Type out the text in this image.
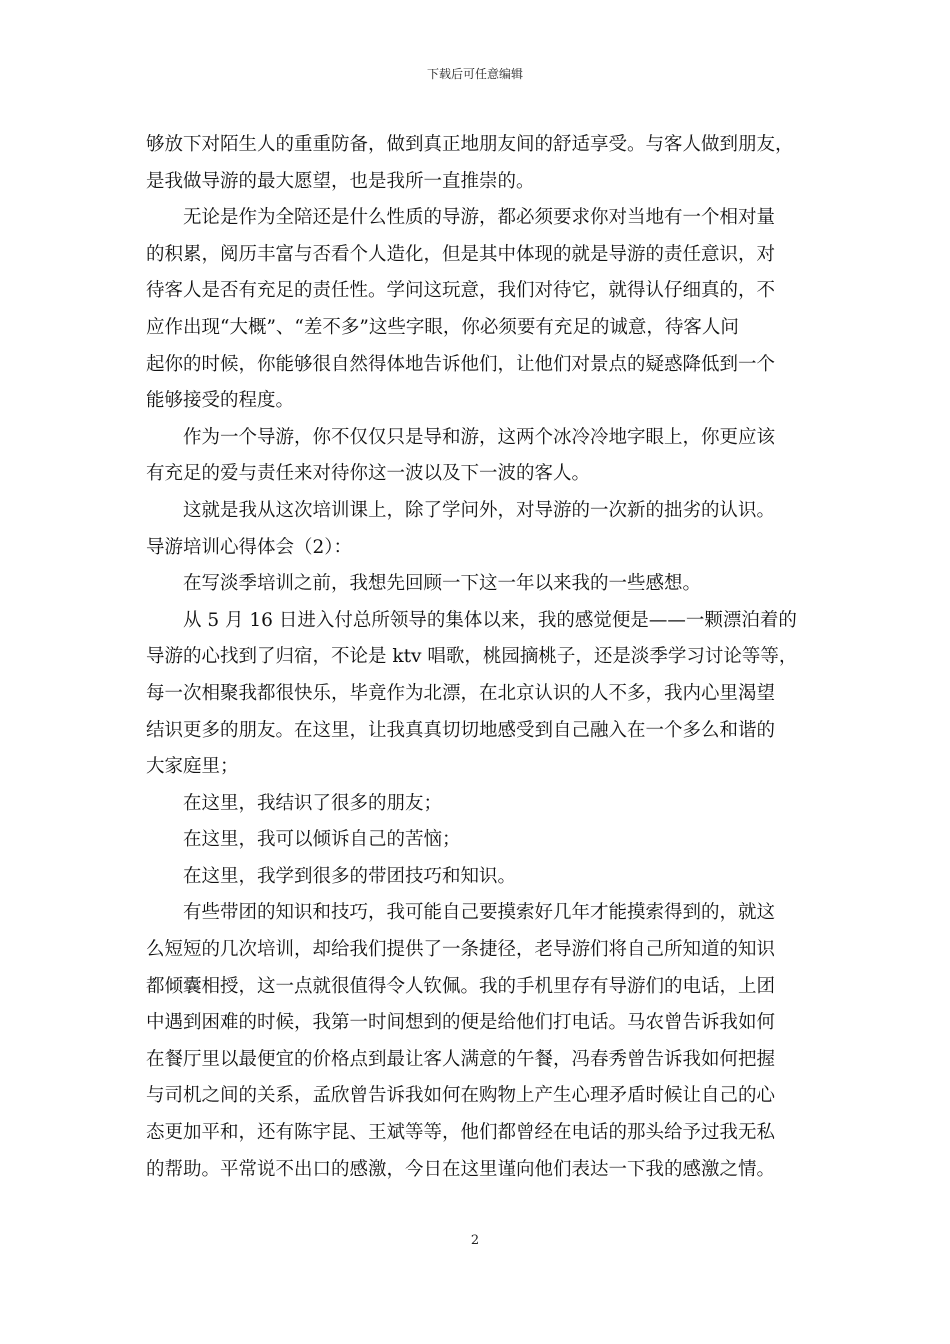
下载后可任意编辑
够放下对陌生人的重重防备，做到真正地朋友间的舒适享受。与客人做到朋友，
是我做导游的最大愿望，也是我所一直推崇的。
无论是作为全陪还是什么性质的导游，都必须要求你对当地有一个相对量
的积累，阅历丰富与否看个人造化，但是其中体现的就是导游的责任意识，对
待客人是否有充足的责任性。学问这玩意，我们对待它，就得认仔细真的，不
应作出现“大概”、“差不多”这些字眼，你必须要有充足的诚意，待客人问
起你的时候，你能够很自然得体地告诉他们，让他们对景点的疑惑降低到一个
能够接受的程度。
作为一个导游，你不仅仅只是导和游，这两个冰冷冷地字眼上，你更应该
有充足的爱与责任来对待你这一波以及下一波的客人。
这就是我从这次培训课上，除了学问外，对导游的一次新的拙劣的认识。
导游培训心得体会（2）：
在写淡季培训之前，我想先回顾一下这一年以来我的一些感想。
从 5 月 16 日进入付总所领导的集体以来，我的感觉便是——一颗漂泊着的
导游的心找到了归宿，不论是 ktv 唱歌，桃园摘桃子，还是淡季学习讨论等等，
每一次相聚我都很快乐，毕竟作为北漂，在北京认识的人不多，我内心里渴望
结识更多的朋友。在这里，让我真真切切地感受到自己融入在一个多么和谐的
大家庭里；
在这里，我结识了很多的朋友；
在这里，我可以倾诉自己的苦恼；
在这里，我学到很多的带团技巧和知识。
有些带团的知识和技巧，我可能自己要摸索好几年才能摸索得到的，就这
么短短的几次培训，却给我们提供了一条捷径，老导游们将自己所知道的知识
都倾囊相授，这一点就很值得令人钦佩。我的手机里存有导游们的电话，上团
中遇到困难的时候，我第一时间想到的便是给他们打电话。马农曾告诉我如何
在餐厅里以最便宜的价格点到最让客人满意的午餐，冯春秀曾告诉我如何把握
与司机之间的关系，孟欣曾告诉我如何在购物上产生心理矛盾时候让自己的心
态更加平和，还有陈宇昆、王斌等等，他们都曾经在电话的那头给予过我无私
的帮助。平常说不出口的感激，今日在这里谨向他们表达一下我的感激之情。
2
